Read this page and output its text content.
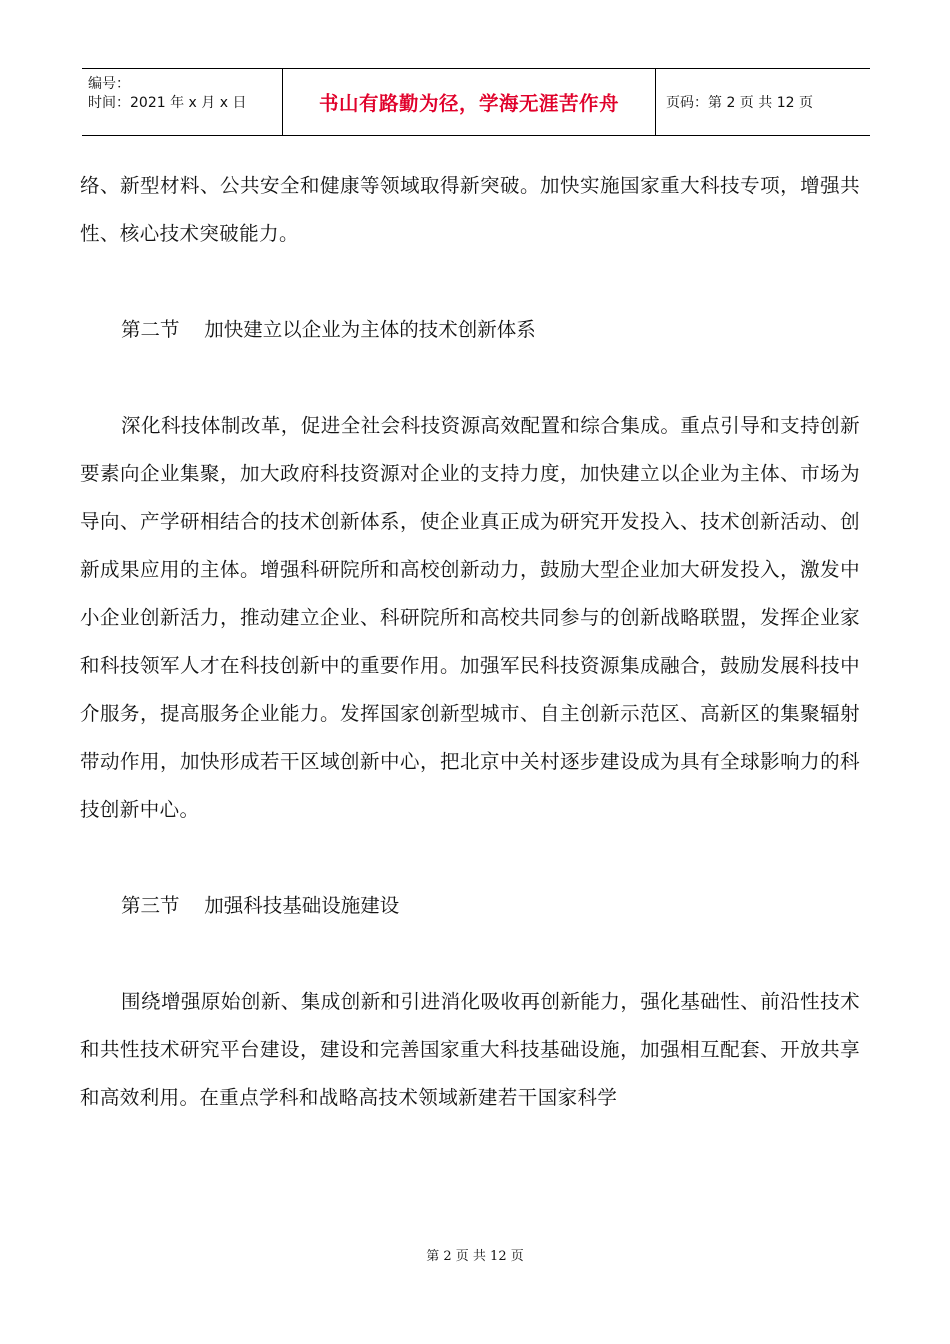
编号：
时间：2021 年 x 月 x 日	书山有路勤为径，学海无涯苦作舟	页码：第 2 页 共 12 页

络、新型材料、公共安全和健康等领域取得新突破。加快实施国家重大科技专项，增强共性、核心技术突破能力。

第二节    加快建立以企业为主体的技术创新体系

深化科技体制改革，促进全社会科技资源高效配置和综合集成。重点引导和支持创新要素向企业集聚，加大政府科技资源对企业的支持力度，加快建立以企业为主体、市场为导向、产学研相结合的技术创新体系，使企业真正成为研究开发投入、技术创新活动、创新成果应用的主体。增强科研院所和高校创新动力，鼓励大型企业加大研发投入，激发中小企业创新活力，推动建立企业、科研院所和高校共同参与的创新战略联盟，发挥企业家和科技领军人才在科技创新中的重要作用。加强军民科技资源集成融合，鼓励发展科技中介服务，提高服务企业能力。发挥国家创新型城市、自主创新示范区、高新区的集聚辐射带动作用，加快形成若干区域创新中心，把北京中关村逐步建设成为具有全球影响力的科技创新中心。

第三节    加强科技基础设施建设

围绕增强原始创新、集成创新和引进消化吸收再创新能力，强化基础性、前沿性技术和共性技术研究平台建设，建设和完善国家重大科技基础设施，加强相互配套、开放共享和高效利用。在重点学科和战略高技术领域新建若干国家科学

第 2 页 共 12 页
